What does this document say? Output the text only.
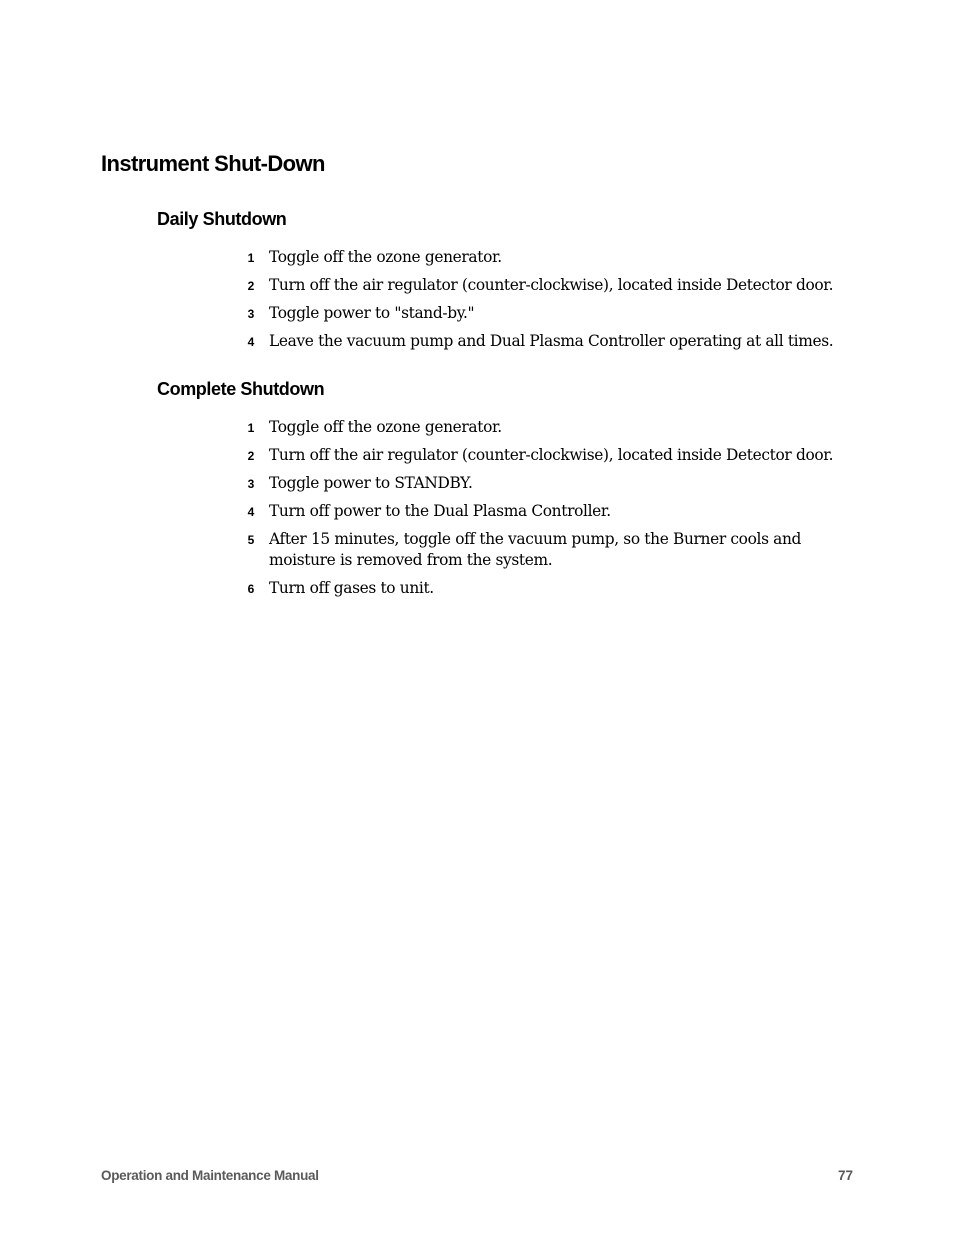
Instrument Shut-Down
Daily Shutdown
1 Toggle off the ozone generator.
2 Turn off the air regulator (counter-clockwise), located inside Detector door.
3 Toggle power to "stand-by."
4 Leave the vacuum pump and Dual Plasma Controller operating at all times.
Complete Shutdown
1 Toggle off the ozone generator.
2 Turn off the air regulator (counter-clockwise), located inside Detector door.
3 Toggle power to STANDBY.
4 Turn off power to the Dual Plasma Controller.
5 After 15 minutes, toggle off the vacuum pump, so the Burner cools and moisture is removed from the system.
6 Turn off gases to unit.
Operation and Maintenance Manual	77
